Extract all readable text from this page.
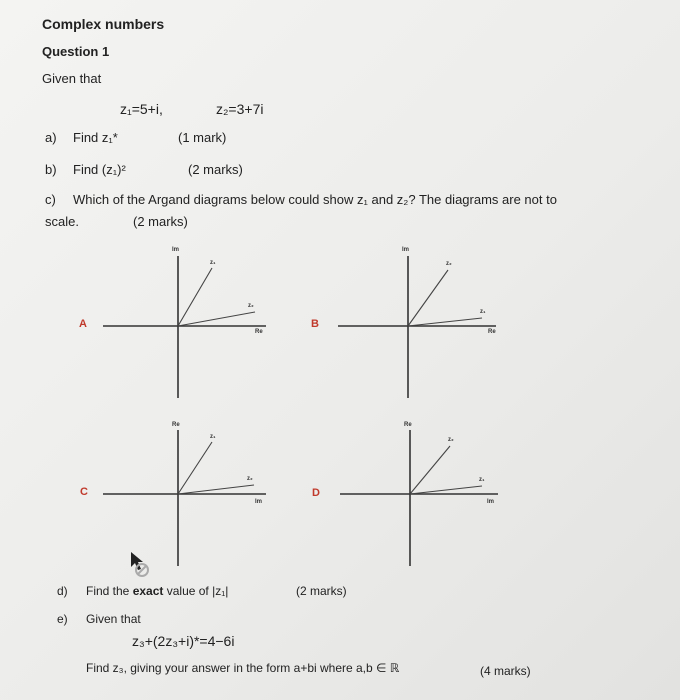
Complex numbers
Question 1
Given that
z₁=5+i,	z₂=3+7i
a) Find z₁*	(1 mark)
b) Find (z₁)²	(2 marks)
c) Which of the Argand diagrams below could show z₁ and z₂? The diagrams are not to
scale.	(2 marks)
Im
Re
z₁
z₂
Im
Re
z₂
z₁
Re
Im
z₁
z₂
Re
Im
z₂
z₁
A	B
C	D
d) Find the exact value of |z₁|	(2 marks)
e) Given that
z₃+(2z₃+i)*=4−6i
Find z₃, giving your answer in the form a+bi where a,b ∈ ℝ	(4 marks)
